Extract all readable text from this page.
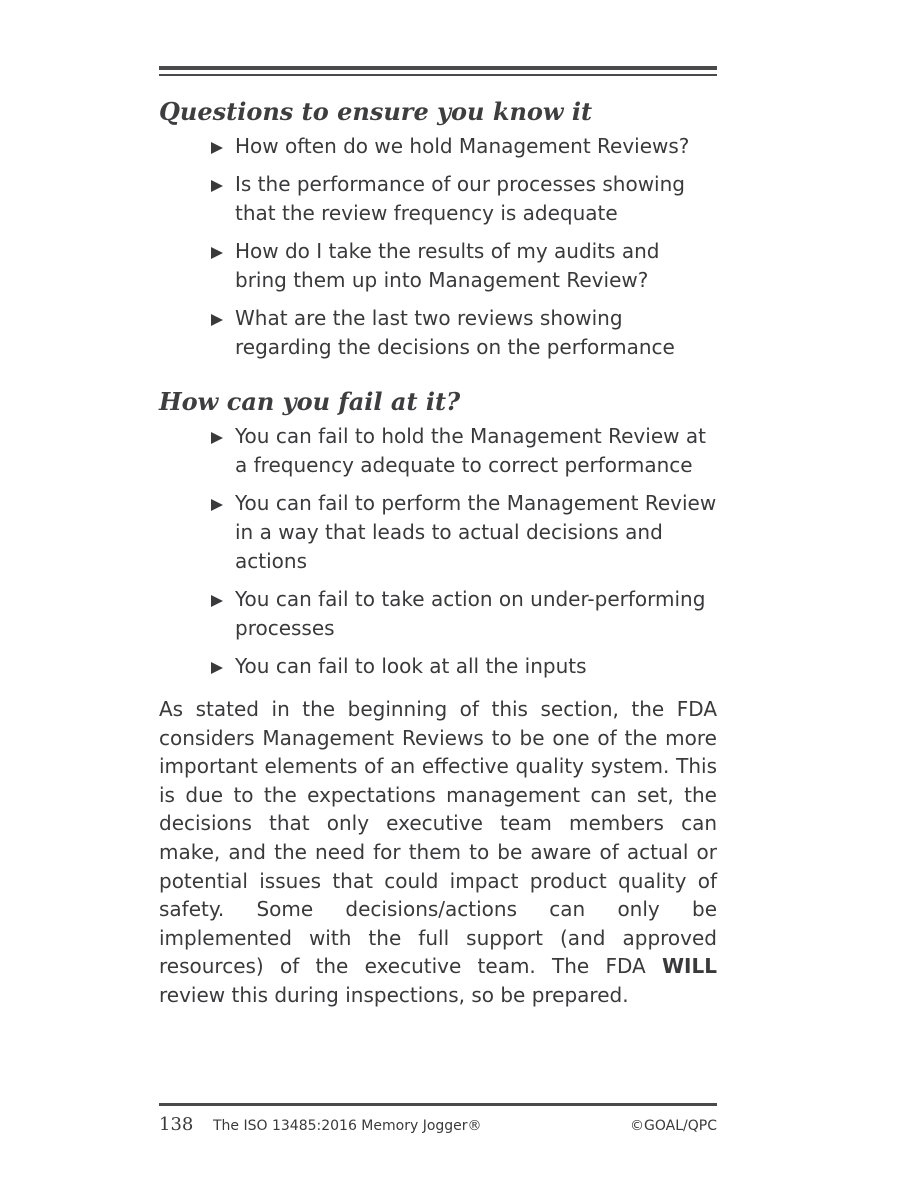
Questions to ensure you know it
How often do we hold Management Reviews?
Is the performance of our processes showing that the review frequency is adequate
How do I take the results of my audits and bring them up into Management Review?
What are the last two reviews showing regarding the decisions on the performance
How can you fail at it?
You can fail to hold the Management Review at a frequency adequate to correct performance
You can fail to perform the Management Review in a way that leads to actual decisions and actions
You can fail to take action on under-performing processes
You can fail to look at all the inputs

As stated in the beginning of this section, the FDA considers Management Reviews to be one of the more important elements of an effective quality system. This is due to the expectations management can set, the decisions that only executive team members can make, and the need for them to be aware of actual or potential issues that could impact product quality of safety. Some decisions/actions can only be implemented with the full support (and approved resources) of the executive team. The FDA WILL review this during inspections, so be prepared.

138	The ISO 13485:2016 Memory Jogger®	©GOAL/QPC
